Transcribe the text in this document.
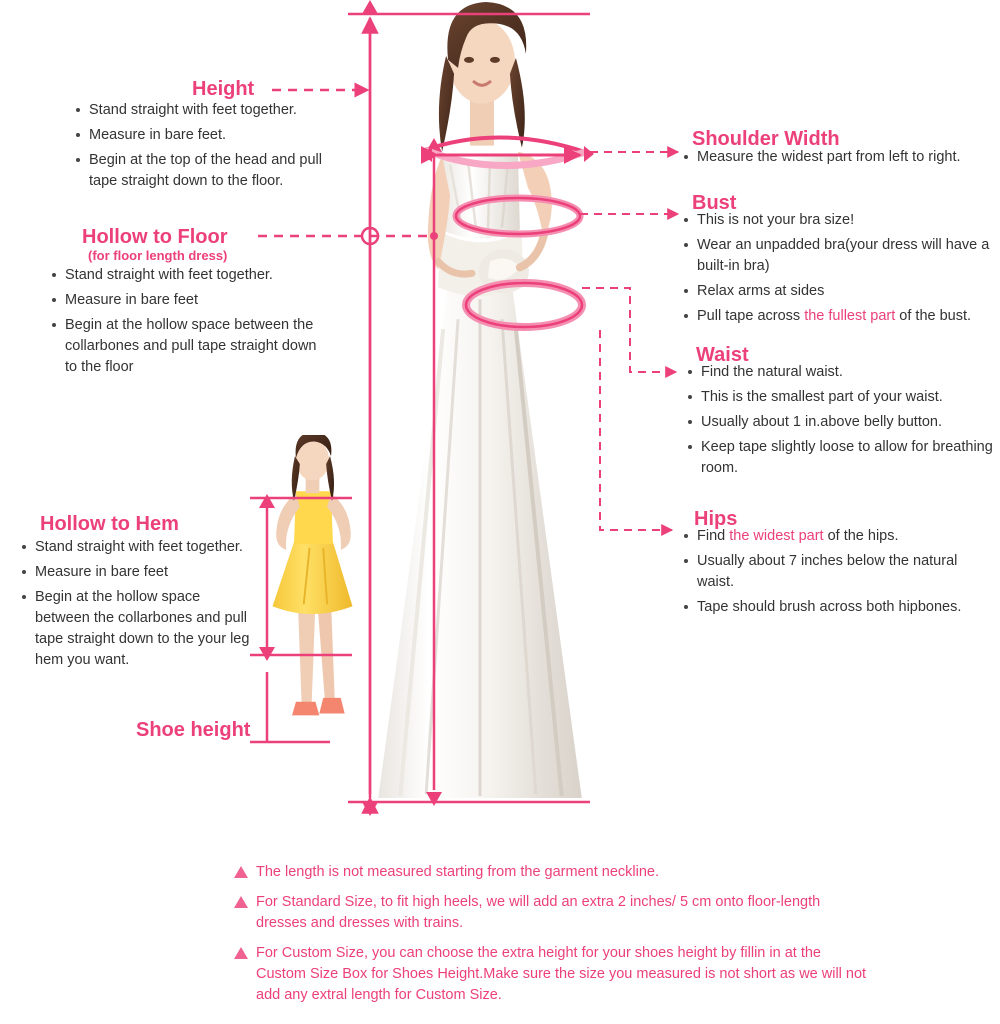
Height
Stand straight with feet together.
Measure in bare feet.
Begin at the top of the head and pull tape straight down to the floor.
Hollow to Floor
(for floor length dress)
Stand straight with feet together.
Measure in bare feet
Begin at the hollow space between the collarbones and pull tape straight down to the floor
Hollow to Hem
Stand straight with feet together.
Measure in bare feet
Begin at the hollow space between the collarbones and pull tape straight down to the your leg hem you want.
Shoe height
Shoulder Width
Measure the widest part from left to right.
Bust
This is not your bra size!
Wear an unpadded bra(your dress will have a built-in bra)
Relax arms at sides
Pull tape across the fullest part of the bust.
Waist
Find the natural waist.
This is the smallest part of your waist.
Usually about 1 in.above belly button.
Keep tape slightly loose to allow for breathing room.
Hips
Find the widest part of the hips.
Usually about 7 inches below the natural waist.
Tape should brush across both hipbones.
The length is not measured starting from the garment neckline.
For Standard Size, to fit high heels, we will add an extra 2 inches/ 5 cm onto floor-length dresses and dresses with trains.
For Custom Size, you can choose the extra height for your shoes height by fillin in at the Custom Size Box for Shoes Height.Make sure the size you measured is not short as we will not add any extral length for Custom Size.
